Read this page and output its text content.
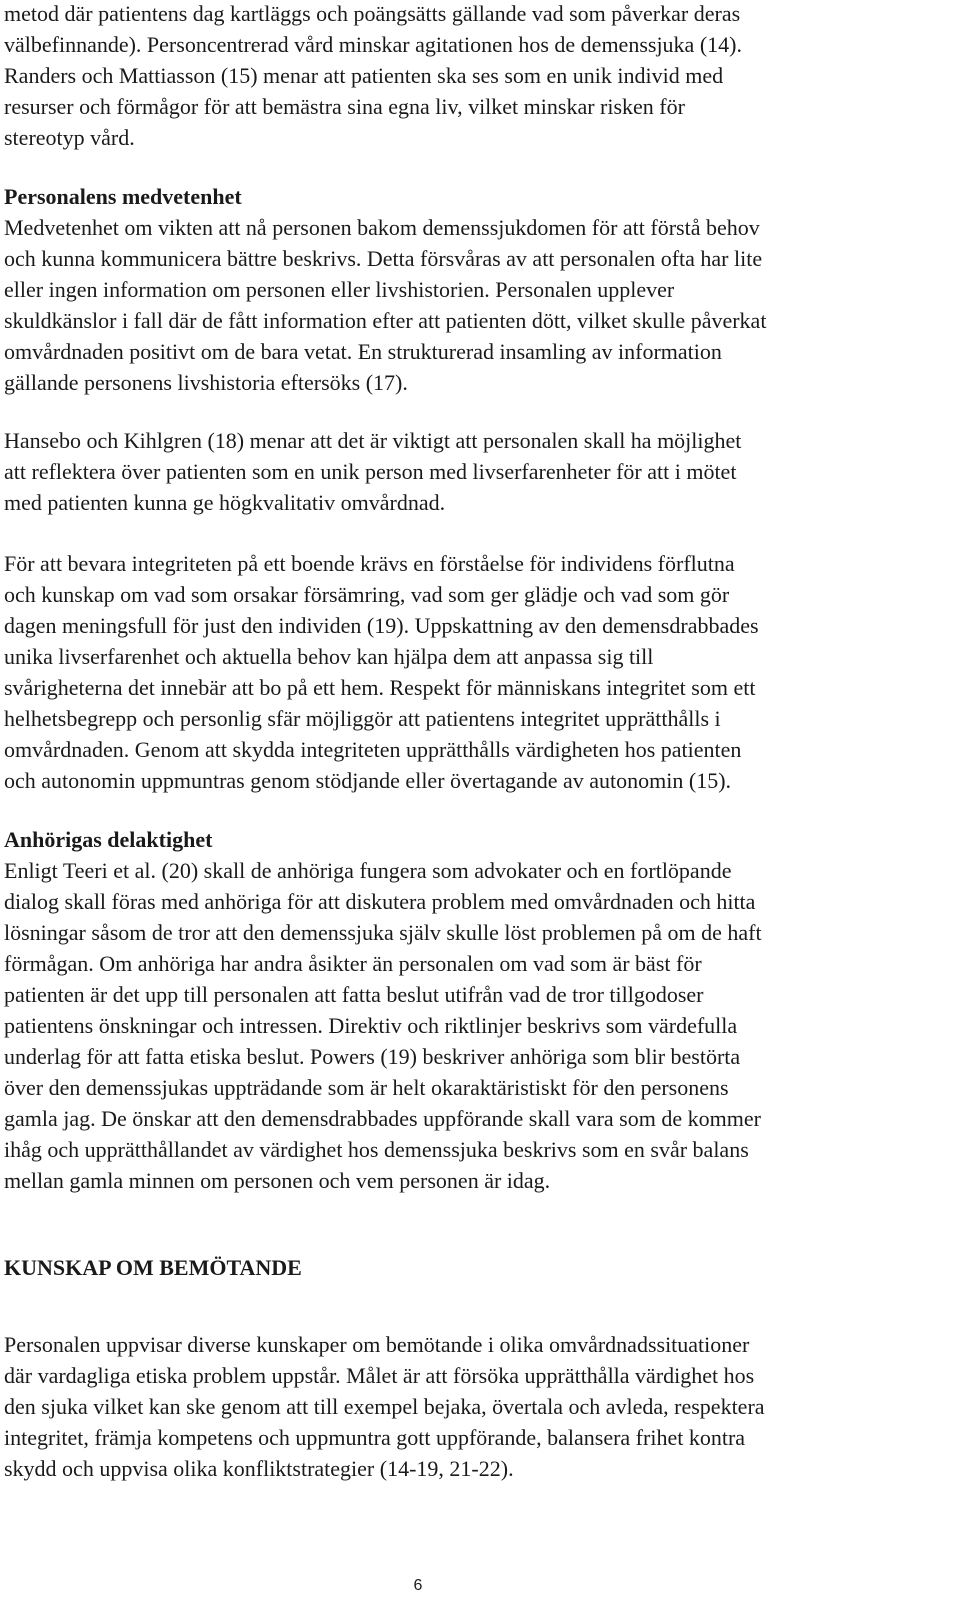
metod där patientens dag kartläggs och poängsätts gällande vad som påverkar deras
välbefinnande). Personcentrerad vård minskar agitationen hos de demenssjuka (14).
Randers och Mattiasson (15) menar att patienten ska ses som en unik individ med
resurser och förmågor för att bemästra sina egna liv, vilket minskar risken för
stereotyp vård.

Personalens medvetenhet
Medvetenhet om vikten att nå personen bakom demenssjukdomen för att förstå behov
och kunna kommunicera bättre beskrivs. Detta försvåras av att personalen ofta har lite
eller ingen information om personen eller livshistorien. Personalen upplever
skuldkänslor i fall där de fått information efter att patienten dött, vilket skulle påverkat
omvårdnaden positivt om de bara vetat. En strukturerad insamling av information
gällande personens livshistoria eftersöks (17).

Hansebo och Kihlgren (18) menar att det är viktigt att personalen skall ha möjlighet
att reflektera över patienten som en unik person med livserfarenheter för att i mötet
med patienten kunna ge högkvalitativ omvårdnad.

För att bevara integriteten på ett boende krävs en förståelse för individens förflutna
och kunskap om vad som orsakar försämring, vad som ger glädje och vad som gör
dagen meningsfull för just den individen (19). Uppskattning av den demensdrabbades
unika livserfarenhet och aktuella behov kan hjälpa dem att anpassa sig till
svårigheterna det innebär att bo på ett hem. Respekt för människans integritet som ett
helhetsbegrepp och personlig sfär möjliggör att patientens integritet upprätthålls i
omvårdnaden. Genom att skydda integriteten upprätthålls värdigheten hos patienten
och autonomin uppmuntras genom stödjande eller övertagande av autonomin (15).

Anhörigas delaktighet
Enligt Teeri et al. (20) skall de anhöriga fungera som advokater och en fortlöpande
dialog skall föras med anhöriga för att diskutera problem med omvårdnaden och hitta
lösningar såsom de tror att den demenssjuka själv skulle löst problemen på om de haft
förmågan. Om anhöriga har andra åsikter än personalen om vad som är bäst för
patienten är det upp till personalen att fatta beslut utifrån vad de tror tillgodoser
patientens önskningar och intressen. Direktiv och riktlinjer beskrivs som värdefulla
underlag för att fatta etiska beslut. Powers (19) beskriver anhöriga som blir bestörta
över den demenssjukas uppträdande som är helt okaraktäristiskt för den personens
gamla jag. De önskar att den demensdrabbades uppförande skall vara som de kommer
ihåg och upprätthållandet av värdighet hos demenssjuka beskrivs som en svår balans
mellan gamla minnen om personen och vem personen är idag.
KUNSKAP OM BEMÖTANDE

Personalen uppvisar diverse kunskaper om bemötande i olika omvårdnadssituationer
där vardagliga etiska problem uppstår. Målet är att försöka upprätthålla värdighet hos
den sjuka vilket kan ske genom att till exempel bejaka, övertala och avleda, respektera
integritet, främja kompetens och uppmuntra gott uppförande, balansera frihet kontra
skydd och uppvisa olika konfliktstrategier (14-19, 21-22).

6
